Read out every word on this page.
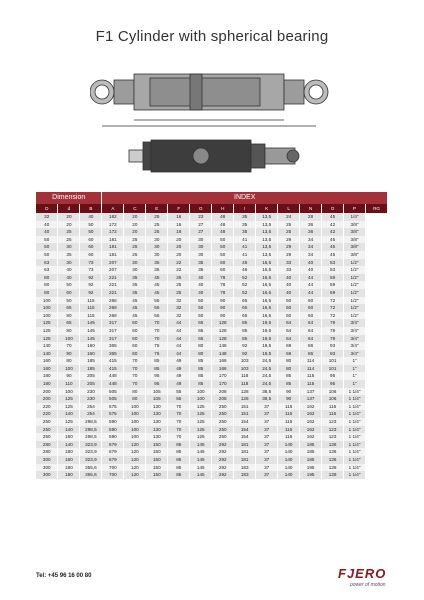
F1 Cylinder with spherical bearing
Dimension			INDEX												
D	d	B	A	C	E	F	G	H	I	K	L	N	O	P	RG
32	20	40	182	20	25	16	23	48	35	13,5	24	28	45	1/4"	
40	20	50	172	20	25	16	27	48	35	13,5	25	36	42	3/8"	
40	25	50	172	20	25	16	27	48	35	13,5	25	36	42	3/8"	
50	25	60	181	25	30	20	30	50	41	13,5	29	34	45	3/8"	
50	30	60	181	25	30	20	30	50	41	13,5	29	34	45	3/8"	
50	35	60	181	25	30	20	30	50	41	13,5	29	34	45	3/8"	
63	30	73	207	30	35	22	35	60	46	16,5	33	40	53	1/2"	
63	40	73	207	30	35	22	35	60	46	16,5	33	40	53	1/2"	
80	40	92	221	35	45	25	40	78	52	16,5	40	44	59	1/2"	
80	50	92	221	35	45	25	40	78	52	16,5	40	44	59	1/2"	
80	60	92	221	35	45	25	40	78	52	16,5	40	44	59	1/2"	
100	50	115	268	45	55	32	50	90	65	16,5	50	60	72	1/2"	
100	65	115	268	45	55	32	50	90	65	16,5	50	60	72	1/2"	
100	80	115	268	45	55	32	50	90	65	16,5	50	60	72	1/2"	
125	65	145	317	60	70	44	65	128	85	19,5	64	64	78	3/4"	
125	80	145	317	60	70	44	65	128	85	19,5	64	64	78	3/4"	
125	100	145	317	60	70	44	65	128	85	19,5	64	64	78	3/4"	
140	70	160	365	60	75	44	80	148	92	19,5	69	86	93	3/4"	
140	90	160	365	60	75	44	80	148	92	19,5	69	86	93	3/4"	
160	80	185	415	70	85	49	85	166	103	24,5	80	114	101	1"	
160	100	185	415	70	85	49	85	166	103	24,5	80	114	101	1"	
180	90	205	448	70	95	49	85	170	118	24,5	85	115	95	1"	
180	110	205	448	70	95	49	85	170	118	24,5	85	115	95	1"	
200	100	230	505	80	105	55	100	208	128	38,5	90	137	106	1 1/4"	
200	125	230	505	80	105	55	100	208	128	38,5	90	137	106	1 1/4"	
220	125	254	575	100	130	70	125	250	151	37	115	162	116	1 1/4"	
220	140	254	575	100	130	70	125	250	151	37	115	162	116	1 1/4"	
250	125	298,5	590	100	130	70	125	250	154	37	115	162	123	1 1/4"	
250	140	298,5	590	100	130	70	125	250	154	37	115	162	123	1 1/4"	
250	160	298,5	590	100	130	70	125	250	154	37	115	162	123	1 1/4"	
280	140	323,9	679	120	150	85	145	292	181	37	140	185	136	1 1/4"	
280	180	323,9	679	120	150	85	145	292	181	37	140	185	136	1 1/4"	
300	160	323,9	679	120	150	85	145	292	181	37	140	185	136	1 1/4"	
300	180	355,6	700	120	150	85	145	292	183	37	140	195	139	1 1/4"	
300	180	355,6	700	120	150	85	145	292	183	37	140	195	139	1 1/4"	
Tel: +45 96 16 00 80	FJERO
power of motion
